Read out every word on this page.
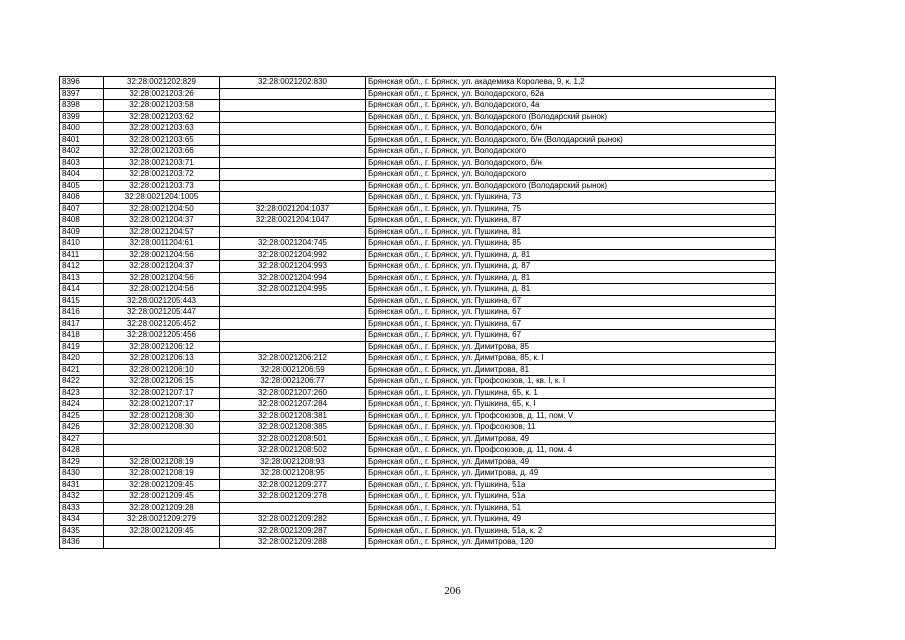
8396	32:28:0021202:829	32:28:0021202:830	Брянская обл., г. Брянск, ул. академика Королева, 9, к. 1,2
8397	32:28:0021203:26		Брянская обл., г. Брянск, ул. Володарского, 62а
8398	32:28:0021203:58		Брянская обл., г. Брянск, ул. Володарского, 4а
8399	32:28:0021203:62		Брянская обл., г. Брянск, ул. Володарского (Володарский рынок)
8400	32:28:0021203:63		Брянская обл., г. Брянск, ул. Володарского, б/н
8401	32:28:0021203:65		Брянская обл., г. Брянск, ул. Володарского, б/н (Володарский рынок)
8402	32:28:0021203:66		Брянская обл., г. Брянск, ул. Володарского
8403	32:28:0021203:71		Брянская обл., г. Брянск, ул. Володарского, б/н
8404	32:28:0021203:72		Брянская обл., г. Брянск, ул. Володарского
8405	32:28:0021203:73		Брянская обл., г. Брянск, ул. Володарского (Володарский рынок)
8406	32:28:0021204:1005		Брянская обл., г. Брянск, ул. Пушкина, 73
8407	32:28:0021204:50	32:28:0021204:1037	Брянская обл., г. Брянск, ул. Пушкина, 75
8408	32:28:0021204:37	32:28:0021204:1047	Брянская обл., г. Брянск, ул. Пушкина, 87
8409	32:28:0021204:57		Брянская обл., г. Брянск, ул. Пушкина, 81
8410	32:28:0011204:61	32:28:0021204:745	Брянская обл., г. Брянск, ул. Пушкина, 85
8411	32:28:0021204:56	32:28:0021204:992	Брянская обл., г. Брянск, ул. Пушкина, д. 81
8412	32:28:0021204:37	32:28:0021204:993	Брянская обл., г. Брянск, ул. Пушкина, д. 87
8413	32:28:0021204:56	32:28:0021204:994	Брянская обл., г. Брянск, ул. Пушкина, д. 81
8414	32:28:0021204:56	32:28:0021204:995	Брянская обл., г. Брянск, ул. Пушкина, д. 81
8415	32:28:0021205:443		Брянская обл., г. Брянск, ул. Пушкина, 67
8416	32:28:0021205:447		Брянская обл., г. Брянск, ул. Пушкина, 67
8417	32:28:0021205:452		Брянская обл., г. Брянск, ул. Пушкина, 67
8418	32:28:0021205:456		Брянская обл., г. Брянск, ул. Пушкина, 67
8419	32:28:0021206:12		Брянская обл., г. Брянск, ул. Димитрова, 85
8420	32:28:0021206:13	32:28:0021206:212	Брянская обл., г. Брянск, ул. Димитрова, 85, к. I
8421	32:28:0021206:10	32:28:0021206:59	Брянская обл., г. Брянск, ул. Димитрова, 81
8422	32:28:0021206:15	32:28:0021206:77	Брянская обл., г. Брянск, ул. Профсоюзов, 1, кв. I, к. I
8423	32:28:0021207:17	32:28:0021207:260	Брянская обл., г. Брянск, ул. Пушкина, 65, к. 1
8424	32:28:0021207:17	32:28:0021207:284	Брянская обл., г. Брянск, ул. Пушкина, 65, к. I
8425	32:28:0021208:30	32:28:0021208:381	Брянская обл., г. Брянск, ул. Профсоюзов, д. 11, пом. V
8426	32:28:0021208:30	32:28:0021208:385	Брянская обл., г. Брянск, ул. Профсоюзов, 11
8427		32:28:0021208:501	Брянская обл., г. Брянск, ул. Димитрова, 49
8428		32:28:0021208:502	Брянская обл., г. Брянск, ул. Профсоюзов, д. 11, пом. 4
8429	32:28:0021208:19	32:28:0021208:93	Брянская обл., г. Брянск, ул. Димитрова, 49
8430	32:28:0021208:19	32:28:0021208:95	Брянская обл., г. Брянск, ул. Димитрова, д. 49
8431	32:28:0021209:45	32:28:0021209:277	Брянская обл., г. Брянск, ул. Пушкина, 51а
8432	32:28:0021209:45	32:28:0021209:278	Брянская обл., г. Брянск, ул. Пушкина, 51а
8433	32:28:0021209:28		Брянская обл., г. Брянск, ул. Пушкина, 51
8434	32:28:0021209:279	32:28:0021209:282	Брянская обл., г. Брянск, ул. Пушкина, 49
8435	32:28:0021209:45	32:28:0021209:287	Брянская обл., г. Брянск, ул. Пушкина, 51а, к. 2
8436		32:28:0021209:288	Брянская обл., г. Брянск, ул. Димитрова, 120
206
